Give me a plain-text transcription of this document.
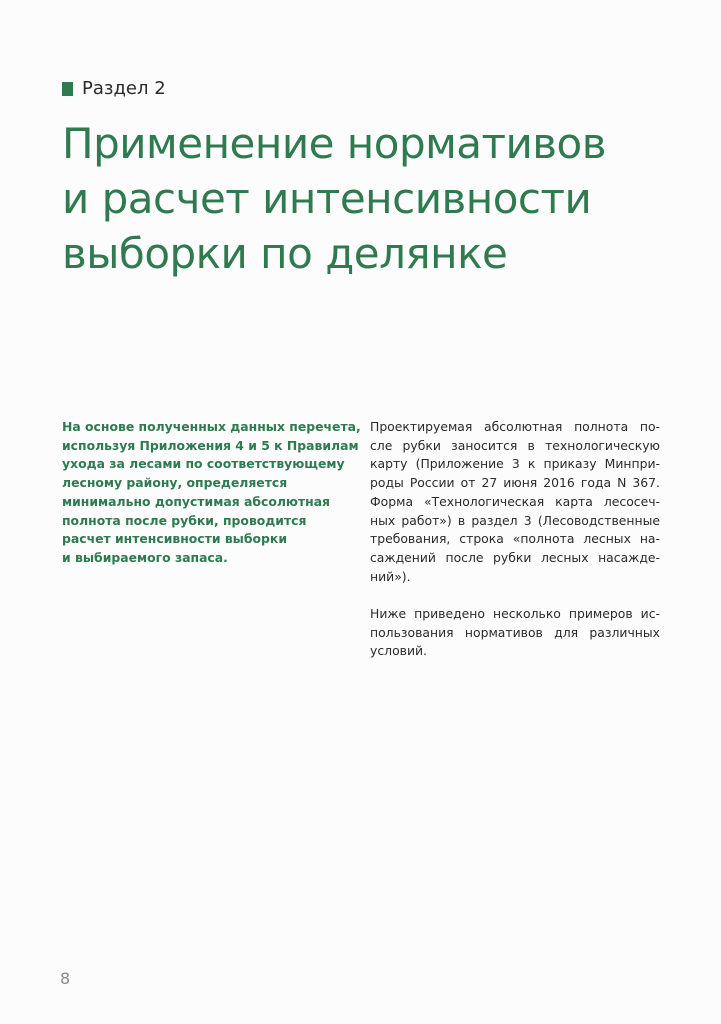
Раздел 2
Применение нормативов
и расчет интенсивности
выборки по делянке
На основе полученных данных перечета,
используя Приложения 4 и 5 к Правилам
ухода за лесами по соответствующему
лесному району, определяется
минимально допустимая абсолютная
полнота после рубки, проводится
расчет интенсивности выборки
и выбираемого запаса.
Проектируемая абсолютная полнота по-
сле рубки заносится в технологическую
карту (Приложение 3 к приказу Минпри-
роды России от 27 июня 2016 года N 367.
Форма «Технологическая карта лесосеч-
ных работ») в раздел 3 (Лесоводственные
требования, строка «полнота лесных на-
саждений после рубки лесных насажде-
ний»).
Ниже приведено несколько примеров ис-
пользования нормативов для различных
условий.
8
